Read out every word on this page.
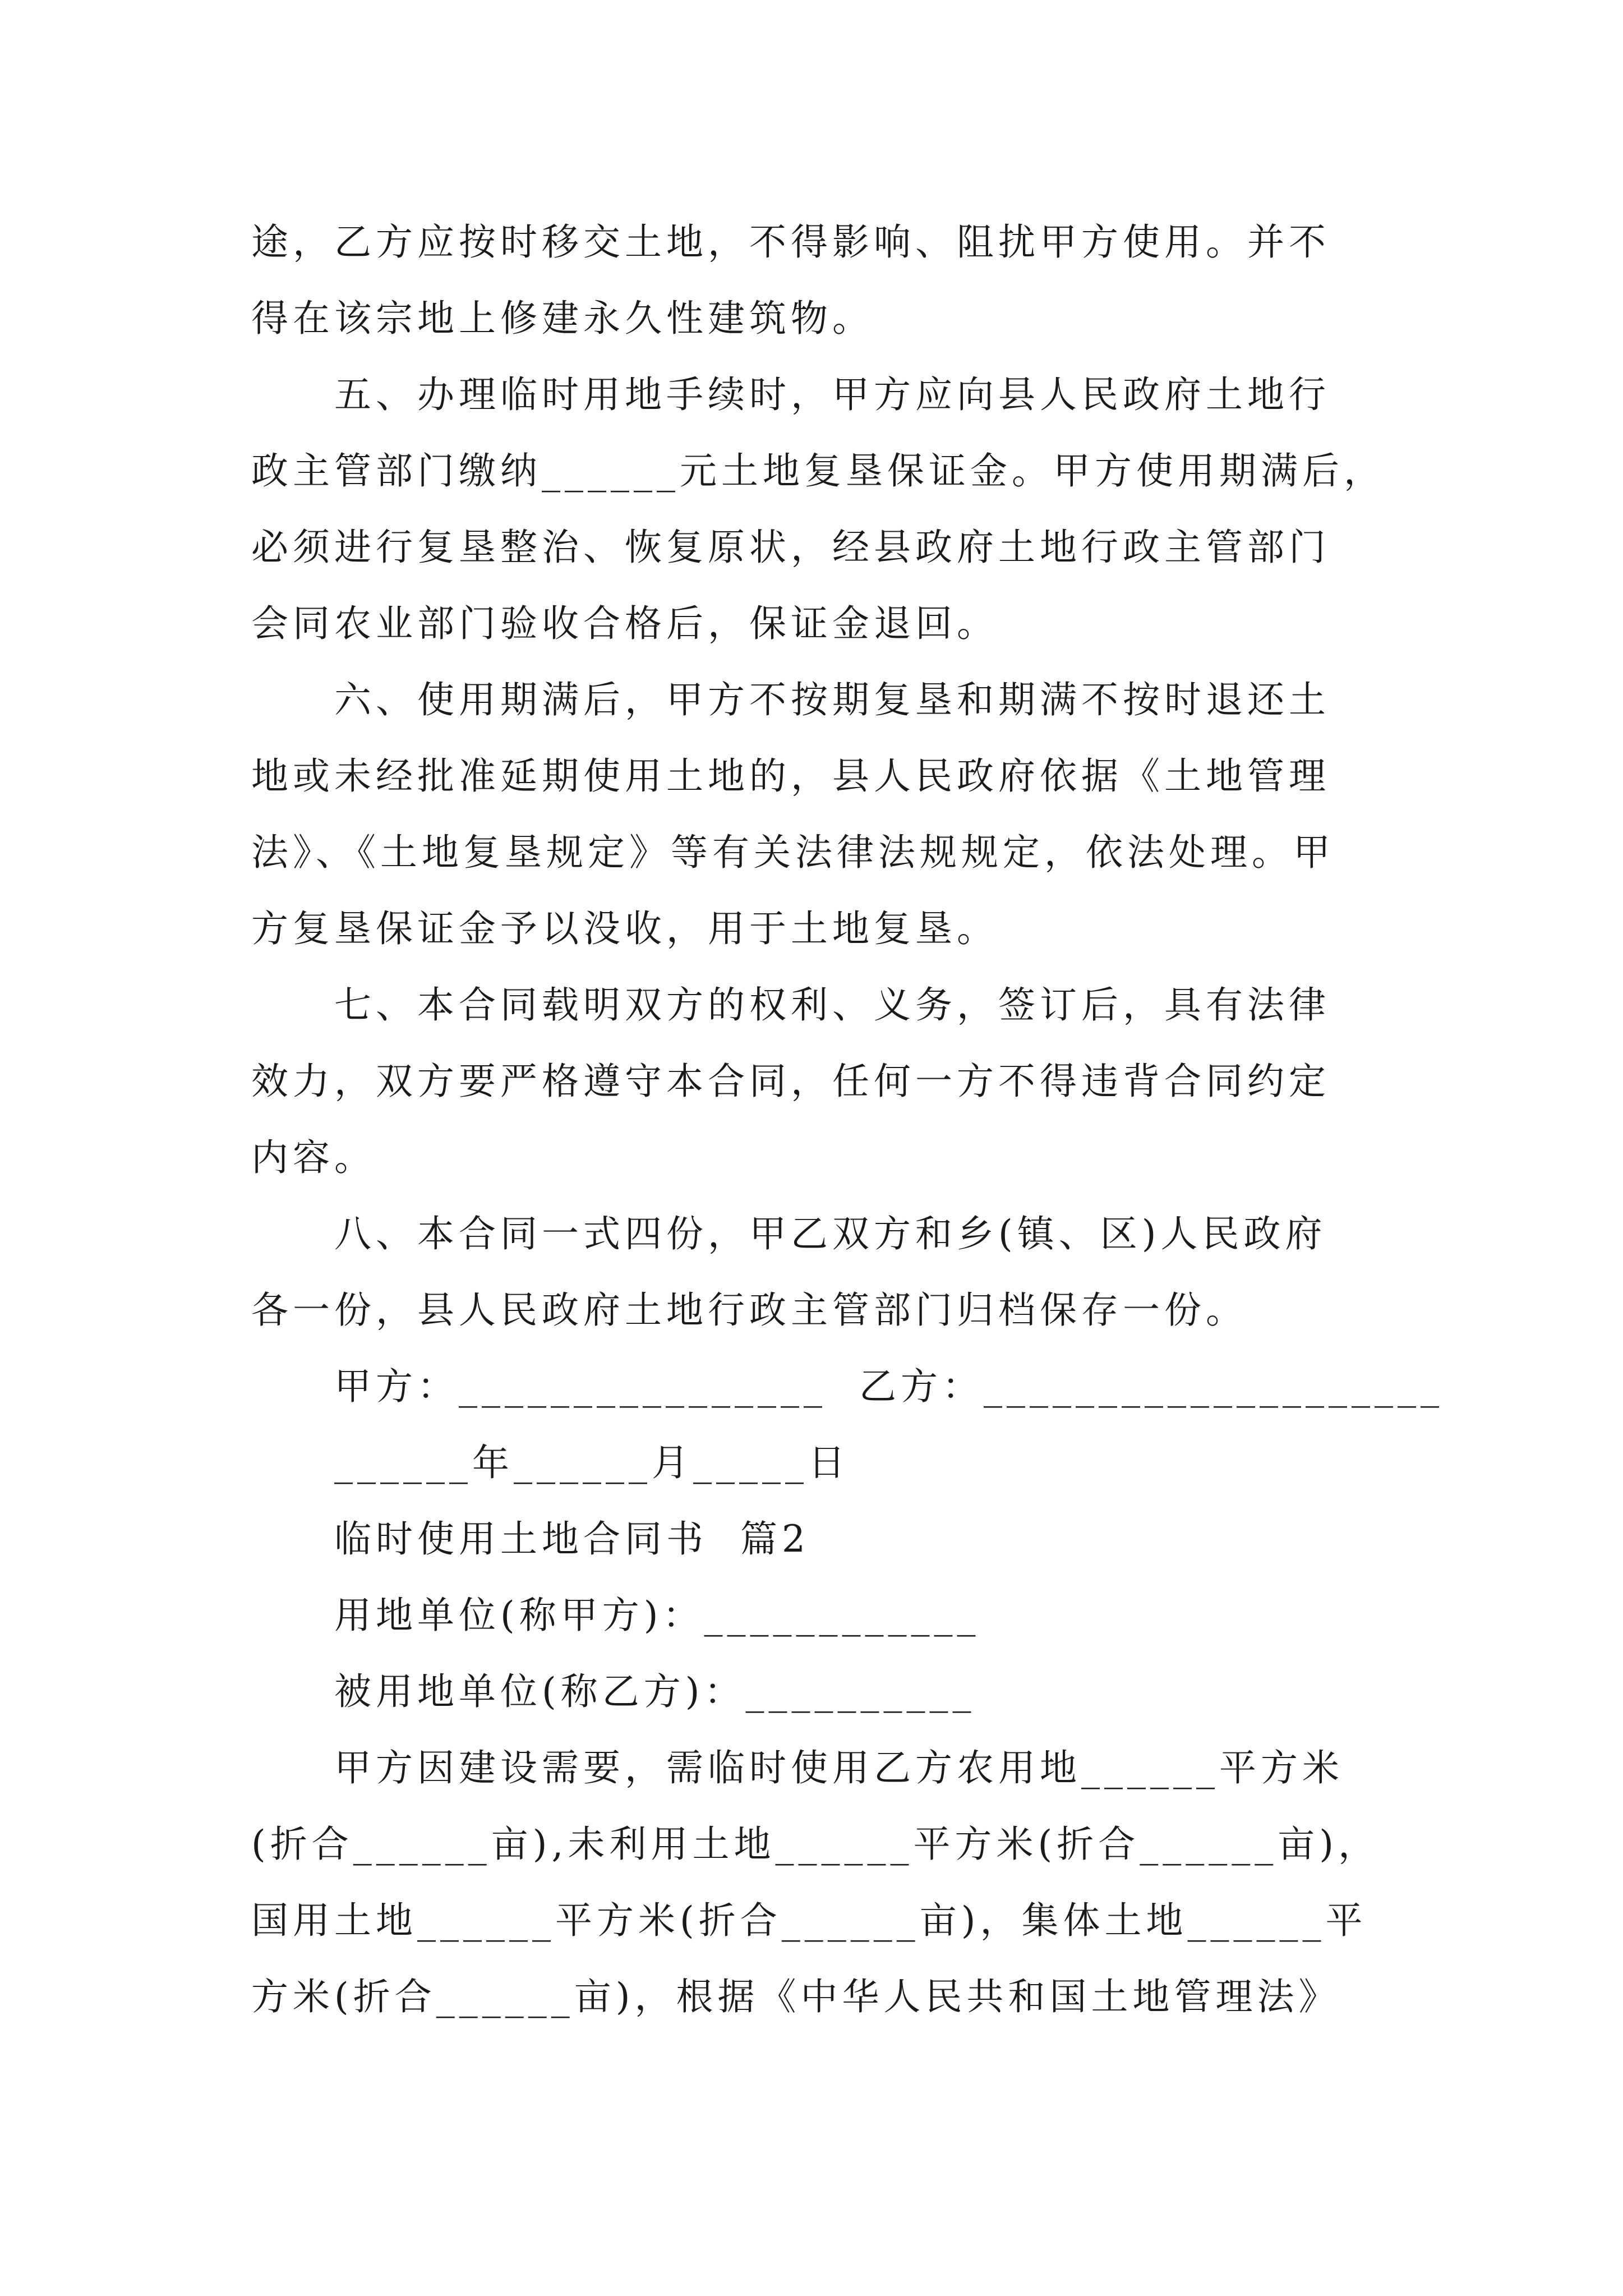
途，乙方应按时移交土地，不得影响、阻扰甲方使用。并不
得在该宗地上修建永久性建筑物。
　　五、办理临时用地手续时，甲方应向县人民政府土地行
政主管部门缴纳______元土地复垦保证金。甲方使用期满后，
必须进行复垦整治、恢复原状，经县政府土地行政主管部门
会同农业部门验收合格后，保证金退回。
　　六、使用期满后，甲方不按期复垦和期满不按时退还土
地或未经批准延期使用土地的，县人民政府依据《土地管理
法》、《土地复垦规定》等有关法律法规规定，依法处理。甲
方复垦保证金予以没收，用于土地复垦。
　　七、本合同载明双方的权利、义务，签订后，具有法律
效力，双方要严格遵守本合同，任何一方不得违背合同约定
内容。
　　八、本合同一式四份，甲乙双方和乡(镇、区)人民政府
各一份，县人民政府土地行政主管部门归档保存一份。
　　甲方：________________  乙方：____________________
　　______年______月_____日
　　临时使用土地合同书  篇2
　　用地单位(称甲方)：____________
　　被用地单位(称乙方)：__________
　　甲方因建设需要，需临时使用乙方农用地______平方米
(折合______亩),未利用土地______平方米(折合______亩)，
国用土地______平方米(折合______亩)，集体土地______平
方米(折合______亩)，根据《中华人民共和国土地管理法》
